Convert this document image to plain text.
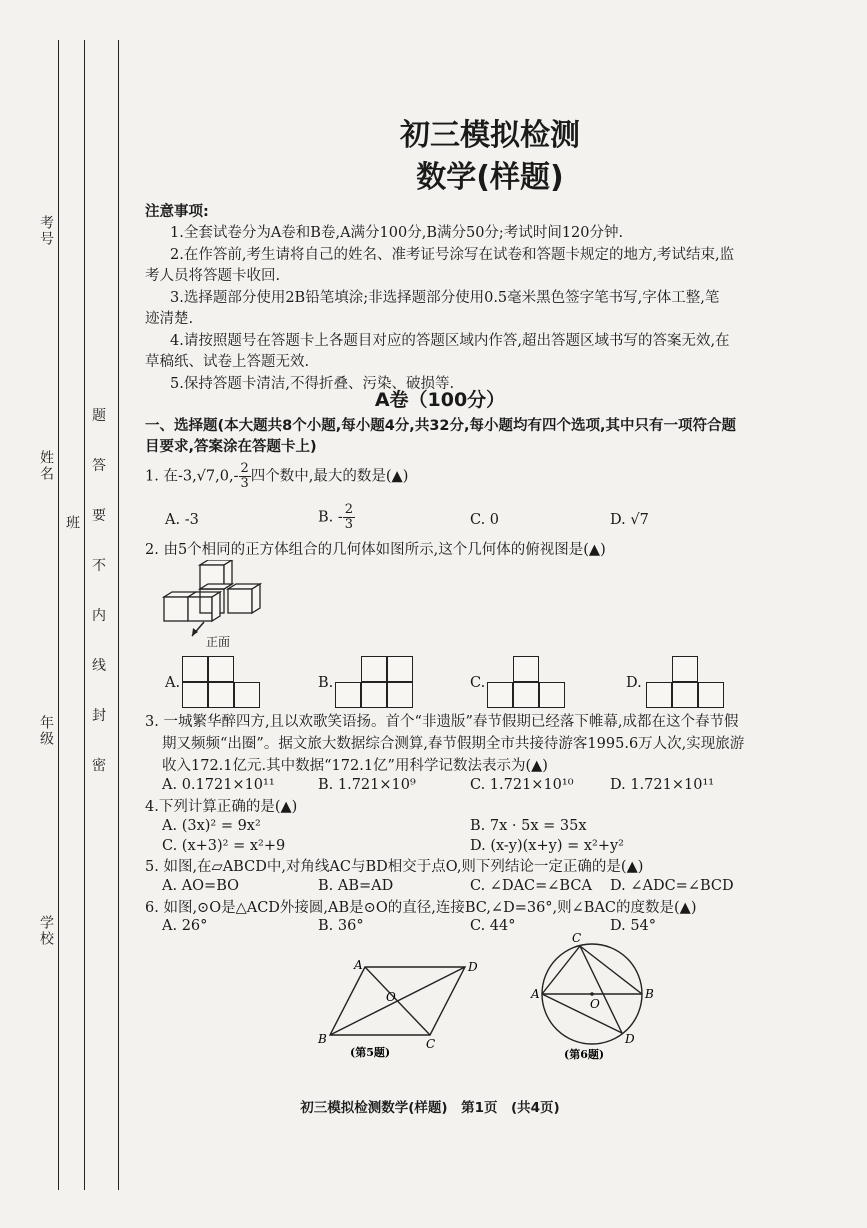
考号
姓名
班
年级
学校
题
答
要
不
内
线
封
密
初三模拟检测
数学(样题)
注意事项:
1.全套试卷分为A卷和B卷,A满分100分,B满分50分;考试时间120分钟.
2.在作答前,考生请将自己的姓名、准考证号涂写在试卷和答题卡规定的地方,考试结束,监
考人员将答题卡收回.
3.选择题部分使用2B铅笔填涂;非选择题部分使用0.5毫米黑色签字笔书写,字体工整,笔
迹清楚.
4.请按照题号在答题卡上各题目对应的答题区域内作答,超出答题区域书写的答案无效,在
草稿纸、试卷上答题无效.
5.保持答题卡清洁,不得折叠、污染、破损等.
A卷（100分）
一、选择题(本大题共8个小题,每小题4分,共32分,每小题均有四个选项,其中只有一项符合题
目要求,答案涂在答题卡上)
1. 在$-3,√7,0,- \frac{2}{3}$ 四个数中,最大的数是(▲)
A. -3	B. - $\frac{2}{3}$	C. 0	D. √7
2. 由5个相同的正方体组合的几何体如图所示,这个几何体的俯视图是(▲)
正面
A.	B.	C.	D.
3. 一城繁华醉四方,且以欢歌笑语扬。首个“非遗版”春节假期已经落下帷幕,成都在这个春节假
期又频频“出圈”。据文旅大数据综合测算,春节假期全市共接待游客1995.6万人次,实现旅游
收入172.1亿元.其中数据“172.1亿”用科学记数法表示为(▲)
A. 0.1721×10¹¹	B. 1.721×10⁹	C. 1.721×10¹⁰	D. 1.721×10¹¹
4.下列计算正确的是(▲)
A. (3x)² = 9x²	B. 7x · 5x = 35x
C. (x+3)² = x²+9	D. (x-y)(x+y) = x²+y²
5. 如图,在▱ABCD中,对角线AC与BD相交于点O,则下列结论一定正确的是(▲)
A. AO=BO	B. AB=AD	C. ∠DAC=∠BCA D. ∠ADC=∠BCD
6. 如图,⊙O是△ACD外接圆,AB是⊙O的直径,连接BC,∠D=36°,则∠BAC的度数是(▲)
A. 26°	B. 36°	C. 44°	D. 54°
A	D
B	C
O
(第5题)
C
A	B
D
O
(第6题)
初三模拟检测数学(样题)　第1页　(共4页)
